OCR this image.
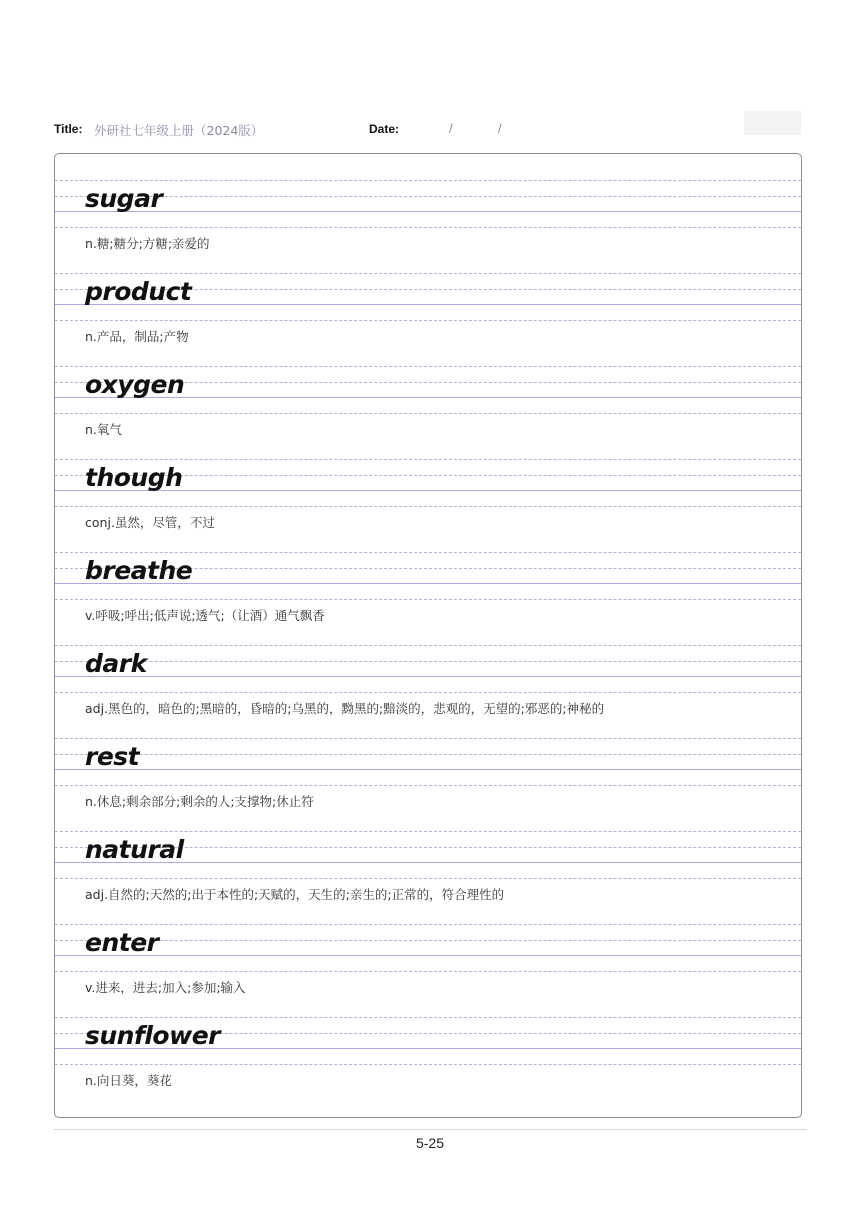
Title: 外研社七年级上册（2024版）	Date:	/	/
sugar
n.糖;糖分;方糖;亲爱的
product
n.产品，制品;产物
oxygen
n.氧气
though
conj.虽然，尽管，不过
breathe
v.呼吸;呼出;低声说;透气;（让酒）通气飘香
dark
adj.黑色的，暗色的;黑暗的，昏暗的;乌黑的，黝黑的;黯淡的，悲观的，无望的;邪恶的;神秘的
rest
n.休息;剩余部分;剩余的人;支撑物;休止符
natural
adj.自然的;天然的;出于本性的;天赋的，天生的;亲生的;正常的，符合理性的
enter
v.进来，进去;加入;参加;输入
sunflower
n.向日葵，葵花
5-25
